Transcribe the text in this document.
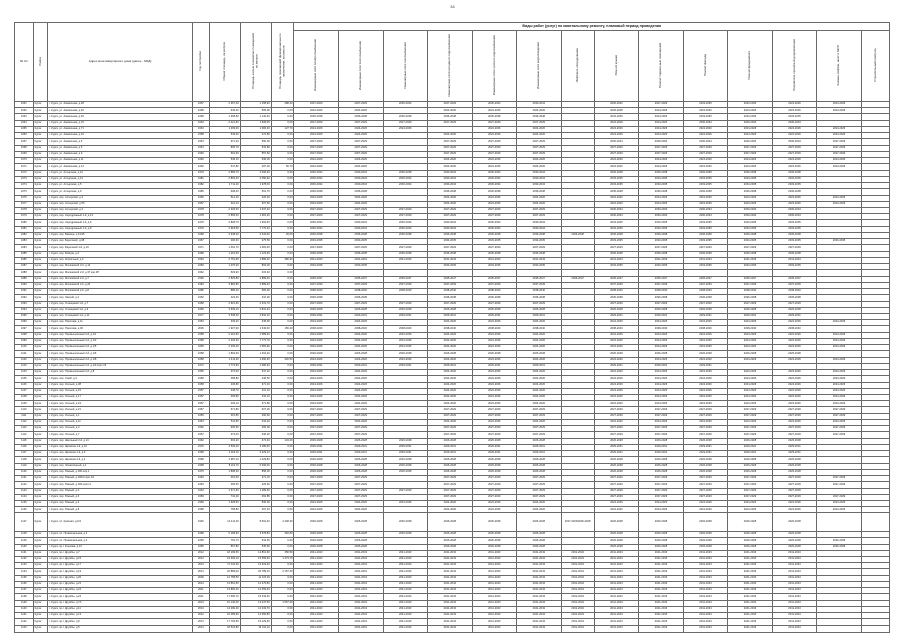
34
№ п/п	Район	Адрес многоквартирного дома (далее - МКД)	Год постройки	Общая площадь, кв.метров	Площадь жилых и нежилых помещений, кв.метров	Площадь помещений функционального назначения, кв.метров	Виды работ (услуг) по капитальному ремонту, плановый период проведения													
							Инженерные сети электроснабжения	Инженерные сети теплоснабжения	Инженерные сети газоснабжения	Инженерные сети холодного водоснабжения	Инженерные сети горячего водоснабжения	Инженерные сети водоотведения	Лифтовое оборудование	Ремонт крыши	Ремонт подвальных помещений	Ремонт фасада	Ремонт фундамента	Разработка проектной документации	Замена лифтов, шахт и МОП	Строительный контроль
1061	Курск	г. Курск, ул. Аммиачная, д.28	1957	2 367,40	1 158,90	288,40	2027-2029	2027-2029	2030-2034	2027-2029	2030-2034	2030-2034		2030-2032	2027-2029	2033-2035	2033-2035	2024-2026	2024-2026	
1062	Курск	г. Курск, ул. Аммиачная, д.40	1968	646,40	565,90	0,00	2024-2026	2024-2026		2024-2026	2024-2026	2024-2026		2036-2038	2024-2026	2024-2026	2024-2026	2024-2026	2024-2026	
1063	Курск	г. Курск, ул. Аммиачная, д.46	1968	1 908,80	1 146,30	0,00	2036-2038	2036-2038	2036-2038	2036-2038	2036-2038	2036-2038		2033-2035	2024-2026	2033-2035	2033-2035	2033-2035		
1064	Курск	г. Курск, ул. Аммиачная, д.15	1963	2 421,60	1 528,05	0,00	2027-2029	2027-2029	2027-2029	2027-2029	2027-2029	2027-2029		2024-2026	2024-2026	2030-2034	2030-2034	2030-2034		
1065	Курск	г. Курск, ул. Аммиачная, д.71	1963	1 209,00	1 082,30	127,70	2024-2026	2024-2026	2024-2026		2024-2026	2024-2026		2024-2026	2024-2026	2024-2026	2024-2026	2024-2026	2024-2026	
1066	Курск	г. Курск, ул. Аммиачная, д.34	1958	549,00	472,80	0,00	2024-2026	2024-2026		2024-2026	2024-2026	2024-2026		2024-2026	2024-2026	2024-2026	2024-2026	2024-2026	2024-2026	
1067	Курск	г. Курск, ул. Аммиачная, д.6	1954	971,20	560,00	0,00	2027-2029	2027-2029		2027-2029	2027-2029	2027-2029		2030-2034	2030-2034	2030-2034	2030-2034	2030-2034	2027-2029	
1068	Курск	г. Курск, ул. Аммиачная, д.5	1954	805,70	533,80	0,00	2027-2029	2027-2029		2027-2029	2027-2029	2027-2029		2027-2029	2027-2029	2027-2029	2027-2029	2027-2029	2027-2029	
1069	Курск	г. Курск, ул. Аммиачная, д.9	1960	591,60	557,60	0,00	2027-2029	2027-2029		2027-2029	2027-2029	2027-2029		2027-2029	2027-2029	2027-2029	2027-2029	2027-2029	2027-2029	
1070	Курск	г. Курск, ул. Аммиачная, д.11	1960	546,10	536,00	0,00	2024-2026	2024-2026		2024-2026	2024-2026	2024-2026		2024-2026	2024-2026	2024-2026	2024-2026	2024-2026	2024-2026	
1071	Курск	г. Курск, ул. Аммиачная, д.13	1960	547,80	497,30	56,70	2024-2026	2024-2026		2024-2026	2024-2026	2024-2026		2024-2026	2024-2026	2024-2026	2024-2026	2024-2026	2024-2026	
1072	Курск	г. Курск, ул. Ахтырская, д.12	1979	2 889,70	2 096,30	0,00	2030-2034	2030-2034	2036-2038	2030-2034	2030-2034	2030-2034		2036-2038	2036-2038	2036-2038	2036-2038	2036-2038		
1073	Курск	г. Курск, ул. Ахтырская, д.13	1981	2 893,20	2 050,90	0,00	2030-2034	2030-2034	2030-2034	2030-2034	2030-2034	2030-2034		2033-2035	2033-2035	2033-2035	2033-2035	2033-2035		
1074	Курск	г. Курск, ул. Ахтырская, д.5	1982	2 711,20	1 978,00	0,00	2030-2034	2030-2034	2030-2034	2030-2034	2030-2034	2030-2034		2033-2035	2033-2035	2033-2035	2033-2035	2033-2035		
1075	Курск	г. Курск, ул. Ахтырская, д.9	1985	608,40	561,70	0,00	2036-2038	2036-2038		2036-2038	2036-2038	2036-2038		2036-2038	2036-2038	2036-2038	2036-2038	2036-2038		
1076	Курск	г. Курск, пер. Ахтырский, д.3	1959	512,40	426,40	0,00	2024-2026	2024-2026		2024-2026	2024-2026	2024-2026		2024-2026	2024-2026	2024-2026	2024-2026	2024-2026	2024-2026	
1077	Курск	г. Курск, пер. Ахтырский, д.5б	1957	322,10	307,60	0,00	2024-2026	2024-2026		2024-2026	2024-2026	2024-2026		2024-2026	2024-2026	2024-2026	2024-2026	2024-2026	2024-2026	
1078	Курск	г. Курск, пер. Ахтырский, д.4	1978	2 325,60	1 637,40	0,00	2027-2029	2027-2029	2027-2029	2027-2029	2027-2029	2027-2029		2030-2034	2030-2034	2030-2034	2030-2034	2030-2034		
1079	Курск	г. Курск, пер. Аэродромный 1-й, д.13	1978	2 865,00	1 681,20	0,00	2027-2029	2027-2029	2027-2029	2027-2029	2027-2029	2027-2029		2030-2034	2030-2034	2030-2034	2030-2034	2030-2034		
1080	Курск	г. Курск, пер. Аэродромный 1-й, д.6	1976	2 828,70	1 994,60	0,00	2030-2034	2030-2034	2030-2034	2030-2034	2030-2034	2030-2034		2033-2035	2033-2035	2033-2035	2033-2035	2033-2035		
1081	Курск	г. Курск, пер. Аэродромный 1-й, д.8	1976	2 618,50	1 770,40	0,00	2030-2034	2030-2034	2030-2034	2030-2034	2030-2034	2030-2034		2033-2035	2033-2035	2033-2035	2033-2035	2033-2035		
1082	Курск	г. Курск, пер. Бамица, д.13/15	1968	2 948,20	2 433,00	20,00	2036-2038	2036-2038	2036-2038	2036-2038	2036-2038	2036-2038	2036-2038	2036-2038	2036-2038	2036-2038	2036-2038	2036-2038		
1083	Курск	г. Курск, пер. Береговой, д.98	1957	296,30	275,50	0,00	2033-2035	2033-2035		2033-2035	2033-2035	2033-2035		2033-2035	2033-2035	2033-2035	2033-2035	2033-2035	2033-2035	
1084	Курск	г. Курск, пер. Береговой 1-й, д.10	1971	1 491,70	1 481,00	0,00	2027-2029	2027-2029	2027-2029	2027-2029	2027-2029	2027-2029		2027-2029	2027-2029	2027-2029	2027-2029	2027-2029		
1085	Курск	г. Курск, пер. Бойцов, д.4	1958	1 261,60	1 123,60	0,00	2036-2038	2036-2038	2036-2038	2036-2038	2036-2038	2036-2038		2036-2038	2036-2038	2036-2038	2036-2038	2036-2038		
1086	Курск	г. Курск, пер. Кирпичный, д.4	1963	2 751,96	1 886,40	480,30	2041-2043	2041-2043	2041-2043	2041-2043	2041-2043	2041-2043		2041-2043	2041-2043	2041-2043	2041-2043	2041-2043		
1087	Курск	г. Курск, пер. Московский 3-й, д.13	1959	1 076,20	803,00	0,00	2033-2035	2033-2035		2033-2035	2033-2035	2033-2035		2033-2035	2033-2035	2033-2035	2033-2035	2033-2035		
1088	Курск	г. Курск, пер. Московский 2-й, д.37 кор.2П	1962	529,90	315,40	0,00														
1089	Курск	г. Курск, пер. Московский 2-й, д.7	1990	2 825,80	2 889,40	0,00	2035-2037	2035-2037	2035-2037	2035-2037	2035-2037	2035-2037	2035-2037	2035-2037	2035-2037	2035-2037	2035-2037	2035-2037		
1090	Курск	г. Курск, пер. Московский 2-й, д.20	1984	3 881,80	2 889,40	0,00	2037-2039	2037-2039	2037-2039	2037-2039	2037-2039	2037-2039		2037-2039	2037-2039	2037-2039	2037-2039	2037-2039		
1091	Курск	г. Курск, пер. Московский 2-й, д.8	1986	885,20	682,30	0,00	2038-2040	2038-2040	2038-2040	2038-2040	2038-2040	2038-2040		2038-2040	2038-2040	2038-2040	2038-2040	2038-2040		
1092	Курск	г. Курск, пер. Овечий, д.2	1952	423,40	410,00	0,00	2036-2038	2036-2038		2036-2038	2036-2038	2036-2038		2036-2038	2036-2038	2036-2038	2036-2038	2036-2038		
1093	Курск	г. Курск, пер. Огнищевой 1-й, д.7	1958	2 921,60	2 331,70	0,00	2027-2029	2027-2029	2027-2029	2027-2029	2027-2029	2027-2029		2027-2029	2027-2029	2027-2029	2027-2029	2027-2029		
1094	Курск	г. Курск, пер. Огнищевой 1-й, д.9	1959	3 539,10	2 831,20	0,00	2026-2028	2026-2028	2026-2028	2026-2028	2026-2028	2026-2028		2026-2028	2026-2028	2026-2028	2026-2028	2026-2028		
1095	Курск	г. Курск, пер. Огнищевой 1-й, д.11	1977	3 538,30	2 832,10	0,00	2029-2031	2029-2031	2029-2031	2029-2031	2029-2031	2029-2031		2029-2031	2029-2031	2029-2031	2029-2031	2029-2031		
1096	Курск	г. Курск, пер. Пирогова, д.11	1954	339,20	345,90	0,00	2024-2026	2024-2026		2024-2026	2024-2026	2024-2026		2024-2026	2024-2026	2024-2026	2024-2026	2024-2026	2024-2026	
1097	Курск	г. Курск, пер. Пирогова, д.36	2006	1 907,90	1 640,00	156,40	2038-2040	2038-2040	2038-2040	2038-2040	2038-2040	2038-2040		2038-2040	2038-2040	2038-2040	2038-2040	2038-2040		
1098	Курск	г. Курск, пер. Промышленный 2-й, д.1/1	1958	2 210,50	1 589,20	0,00	2024-2026	2024-2026	2024-2026	2024-2026	2024-2026	2024-2026		2024-2026	2024-2026	2024-2026	2024-2026	2024-2026	2024-2026	
1099	Курск	г. Курск, пер. Промышленный 2-й, д.1/3	1958	2 229,30	1 772,70	0,00	2024-2026	2024-2026	2024-2026	2024-2026	2024-2026	2024-2026		2024-2026	2024-2026	2024-2026	2024-2026	2024-2026	2024-2026	
1100	Курск	г. Курск, пер. Промышленный 2-й, д.1/5	1959	2 230,40	1 581,90	0,00	2024-2026	2024-2026	2024-2026	2024-2026	2024-2026	2024-2026		2024-2026	2024-2026	2024-2026	2024-2026	2024-2026	2024-2026	
1101	Курск	г. Курск, пер. Промышленный 2-й, д.1/6	1958	1 894,60	1 491,40	0,00	2026-2028	2026-2028	2026-2028	2026-2028	2026-2028	2026-2028		2026-2028	2026-2028	2026-2028	2026-2028	2026-2028		
1102	Курск	г. Курск, пер. Промышленный 2-й, д.1/8	1958	1 411,30	1 090,30	320,50	2024-2026	2024-2026	2024-2026	2024-2026	2024-2026	2024-2026		2024-2026	2024-2026	2024-2026	2024-2026	2024-2026	2024-2026	
1103	Курск	г. Курск, пер. Промышленный 2-й, д.1/9 корп.15	1972	1 774,90	1 086,30	0,00	2029-2031	2029-2031	2029-2031	2029-2031	2029-2031	2029-2031		2029-2031	2029-2031	2029-2031				
1104	Курск	г. Курск, пер. Промышленный 2-й, д.8	1955	373,00	337,10	0,00	2024-2026	2024-2026		2024-2026	2024-2026	2024-2026		2024-2026	2024-2026	2024-2026	2024-2026	2024-2026	2024-2026	
1105	Курск	г. Курск, пер. Узкий, д.3	1958	458,80	436,50	0,00	2024-2026	2024-2026		2024-2026	2024-2026	2024-2026		2024-2026	2024-2026	2024-2026	2024-2026	2024-2026	2024-2026	
1106	Курск	г. Курск, пер. Уютный, д.38	1958	436,80	371,10	0,00	2024-2026	2024-2026		2024-2026	2024-2026	2024-2026		2024-2026	2024-2026	2024-2026	2024-2026	2024-2026	2024-2026	
1107	Курск	г. Курск, пер. Уютный, д.15	1957	448,70	412,10	0,00	2024-2026	2024-2026		2024-2026	2024-2026	2024-2026		2024-2026	2024-2026	2024-2026	2024-2026	2024-2026	2024-2026	
1108	Курск	г. Курск, пер. Уютный, д.17	1957	406,80	344,10	0,00	2024-2026	2024-2026		2024-2026	2024-2026	2024-2026		2024-2026	2024-2026	2024-2026	2024-2026	2024-2026	2024-2026	
1109	Курск	г. Курск, пер. Уютный, д.19	1957	409,10	371,80	0,00	2024-2026	2024-2026		2024-2026	2024-2026	2024-2026		2024-2026	2024-2026	2024-2026	2024-2026	2024-2026	2024-2026	
1110	Курск	г. Курск, пер. Уютный, д.21	1957	571,80	527,00	0,00	2027-2029	2027-2029		2027-2029	2027-2029	2027-2029		2027-2029	2027-2029	2027-2029	2027-2029	2027-2029	2027-2029	
1111	Курск	г. Курск, пер. Уютный, д.1	1955	315,80	296,60	0,00	2027-2029	2027-2029		2027-2029	2027-2029	2027-2029		2027-2029	2027-2029	2027-2029	2027-2029	2027-2029	2027-2029	
1112	Курск	г. Курск, пер. Уютный, д.11	1954	511,50	434,40	0,00	2024-2026	2024-2026		2024-2026	2024-2026	2024-2026		2024-2026	2024-2026	2024-2026	2024-2026	2024-2026	2024-2026	
1113	Курск	г. Курск, пер. Уютный, д.3	1962	930,50	465,00	0,00	2027-2029	2027-2029		2027-2029	2027-2029	2027-2029		2027-2029	2027-2029	2027-2029	2027-2029	2027-2029	2027-2029	
1114	Курск	г. Курск, пер. Уютный, д.7	1957	373,00	336,30	0,00	2027-2029	2027-2029		2027-2029	2027-2029	2027-2029		2027-2029	2027-2029	2027-2029	2027-2029	2027-2029	2027-2029	
1115	Курск	г. Курск, пер. Школьный 2-й, д.14	1962	603,20	472,40	134,20	2026-2028	2026-2028	2026-2028	2026-2028	2026-2028	2026-2028		2026-2028	2026-2028	2026-2028	2026-2028	2026-2028		
1116	Курск	г. Курск, пер. Щепкина 1-й, д.10	1970	4 536,20	3 180,00	0,00	2029-2031	2029-2031	2029-2031	2029-2031	2029-2031	2029-2031		2029-2031	2029-2031	2029-2031	2029-2031	2029-2031		
1117	Курск	г. Курск, пер. Щепкина 1-й, д.6	1968	4 118,10	3 229,10	0,00	2029-2031	2029-2031	2029-2031	2029-2031	2029-2031	2029-2031		2029-2031	2029-2031	2029-2031	2029-2031	2029-2031		
1118	Курск	г. Курск, пер. Щепкина 2-й, д.4	1968	1 987,10	1 429,80	0,00	2026-2028	2026-2028	2026-2028	2026-2028	2026-2028	2026-2028		2026-2028	2026-2028	2026-2028	2026-2028	2026-2028		
1119	Курск	г. Курск, пер. Элеваторный, д.1	1968	8 119,70	6 096,00	0,00	2026-2028	2026-2028	2026-2028	2026-2028	2026-2028	2026-2028		2026-2028	2026-2028	2026-2028	2026-2028	2026-2028		
1120	Курск	г. Курск, пер. Южный, д.18А кор.1	1975	1 898,30	858,00	0,00	2026-2028	2026-2028	2026-2028	2026-2028	2026-2028	2026-2028		2026-2028	2026-2028	2026-2028	2026-2028	2026-2028		
1121	Курск	г. Курск, пер. Южный, д.18А3 корп.А3	1963	461,50	371,10	0,00	2027-2029	2027-2029		2027-2029	2027-2029	2027-2029		2027-2029	2027-2029	2027-2029	2027-2029	2027-2029	2027-2029	
1122	Курск	г. Курск, пер. Южный, д.18А корп.4	1963	456,50	326,60	0,00	2027-2029	2027-2029		2027-2029	2027-2029	2027-2029		2027-2029	2027-2029	2027-2029	2027-2029	2027-2029	2027-2029	
1123	Курск	г. Курск, пер. Южный, д.4	1964	2 671,60	1 289,60	0,00	2027-2029	2027-2029	2027-2029	2027-2029	2027-2029	2027-2029		2027-2029	2027-2029	2027-2029	2027-2029	2027-2029		
1124	Курск	г. Курск, пер. Южный, д.6	1959	742,20	462,85	0,00	2027-2029	2027-2029		2027-2029	2027-2029	2027-2029		2027-2029	2027-2029	2027-2029	2027-2029	2027-2029	2027-2029	
1125	Курск	г. Курск, пер. Южный, д.4	1969	1 628,60	836,00	0,00	2024-2026	2024-2026	2024-2026	2024-2026	2024-2026	2024-2026		2024-2026	2024-2026	2024-2026	2024-2026	2024-2026	2024-2026	
1126	Курск	г. Курск, пер. Южный, д.8	1968	758,80	467,40	0,00	2024-2026	2024-2026		2024-2026	2024-2026	2024-2026		2024-2026	2024-2026	2024-2026	2024-2026	2024-2026	2024-2026	
1127	Курск	г. Курск, пл. Красная, д.6/4	1946	12 411,20	8 691,40	2 448,30	2026-2028	2026-2028	2026-2028	2026-2028	2026-2028	2026-2028	2017-2020/2026-2028	2026-2028	2026-2028	2026-2028	2026-2028	2026-2028		
1128	Курск	г. Курск, пл. Привокзальная, д.2	1958	5 168,90	3 578,80	352,80	2026-2028	2026-2028	2026-2028	2026-2028	2026-2028	2026-2028		2026-2028	2026-2028	2026-2028	2026-2028	2026-2028		
1129	Курск	г. Курск, пл. Привокзальная, д.4	1955	762,70	534,60	0,00	2026-2028	2026-2028		2026-2028	2026-2028	2026-2028		2026-2028	2026-2028	2026-2028	2026-2028	2026-2028	2026-2028	
1130	Курск	г. Курск, пр-т Клыкова, д.13	1955	867,80	545,60	0,00	2026-2028	2026-2028		2026-2028	2026-2028	2026-2028		2026-2028	2026-2028	2026-2028	2026-2028	2026-2028	2026-2028	
1131	Курск	г. Курск, пр-т Дружбы, д.7	2012	18 199,50	14 861,60	356,50	2041-2043	2041-2043	2041-2043	2041-2043	2041-2043	2041-2043	2041-2043	2041-2043	2041-2043	2041-2043	2041-2043	2041-2043		
1132	Курск	г. Курск, пр-т Дружбы, д.15	2013	19 393,10	15 659,90	1 473,70	2041-2043	2041-2043	2041-2043	2041-2043	2041-2043	2041-2043	2041-2043	2041-2043	2041-2043	2041-2043	2041-2043	2041-2043		
1133	Курск	г. Курск, пр-т Дружбы, д.17	2013	17 011,30	13 919,40	0,00	2041-2043	2041-2043	2041-2043	2041-2043	2041-2043	2041-2043	2041-2043	2041-2043	2041-2043	2041-2043	2041-2043	2041-2043		
1134	Курск	г. Курск, пр-т Дружбы, д.19	2014	22 889,00	20 789,10	2 157,30	2041-2043	2041-2043	2041-2043	2041-2043	2041-2043	2041-2043	2041-2043	2041-2043	2041-2043	2041-2043	2041-2043	2041-2043		
1135	Курск	г. Курск, пр-т Дружбы, д.20	2009	12 758,50	11 115,30	0,00	2041-2043	2041-2043	2041-2043	2041-2043	2041-2043	2041-2043	2041-2043	2041-2043	2041-2043	2041-2043	2041-2043	2041-2043		
1136	Курск	г. Курск, пр-т Дружбы, д.21	2014	13 891,50	12 275,80	0,00	2041-2043	2041-2043	2041-2043	2041-2043	2041-2043	2041-2043	2041-2043	2041-2043	2041-2043	2041-2043	2041-2043	2041-2043		
1137	Курск	г. Курск, пр-т Дружбы, д.22	2011	13 890,40	12 359,30	0,00	2041-2043	2041-2043	2041-2043	2041-2043	2041-2043	2041-2043	2041-2043	2041-2043	2041-2043	2041-2043	2041-2043	2041-2043		
1138	Курск	г. Курск, пр-т Дружбы, д.24	2011	17 690,70	15 343,30	0,00	2041-2043	2041-2043	2041-2043	2041-2043	2041-2043	2041-2043	2041-2043	2041-2043	2041-2043	2041-2043	2041-2043	2041-2043		
1139	Курск	г. Курск, пр-т Дружбы, д.7А	2013	16 140,00	13 247,50	1 567,40	2041-2043	2041-2043	2041-2043	2041-2043	2041-2043	2041-2043	2041-2043	2041-2043	2041-2043	2041-2043	2041-2043	2041-2043		
1140	Курск	г. Курск, пр-т Дружбы, д.11	2013	14 290,40	12 343,70	0,00	2041-2043	2041-2043	2041-2043	2041-2043	2041-2043	2041-2043	2041-2043	2041-2043	2041-2043	2041-2043	2041-2043	2041-2043		
1141	Курск	г. Курск, пр-т Дружбы, д.13	2012	16 289,90	14 050,80	0,00	2041-2043	2041-2043	2041-2043	2041-2043	2041-2043	2041-2043	2041-2043	2041-2043	2041-2043	2041-2043	2041-2043	2041-2043		
1142	Курск	г. Курск, пр-т Дружбы, д.9	2013	17 794,50	15 129,60	0,00	2041-2043	2041-2043	2041-2043	2041-2043	2041-2043	2041-2043	2041-2043	2041-2043	2041-2043	2041-2043	2041-2043	2041-2043		
1143	Курск	г. Курск, пр-т Дружбы, д.5	2014	18 524,80	16 116,10	0,00	2041-2043	2041-2043	2041-2043	2041-2043	2041-2043	2041-2043	2041-2043	2041-2043	2041-2043	2041-2043	2041-2043	2041-2043		
